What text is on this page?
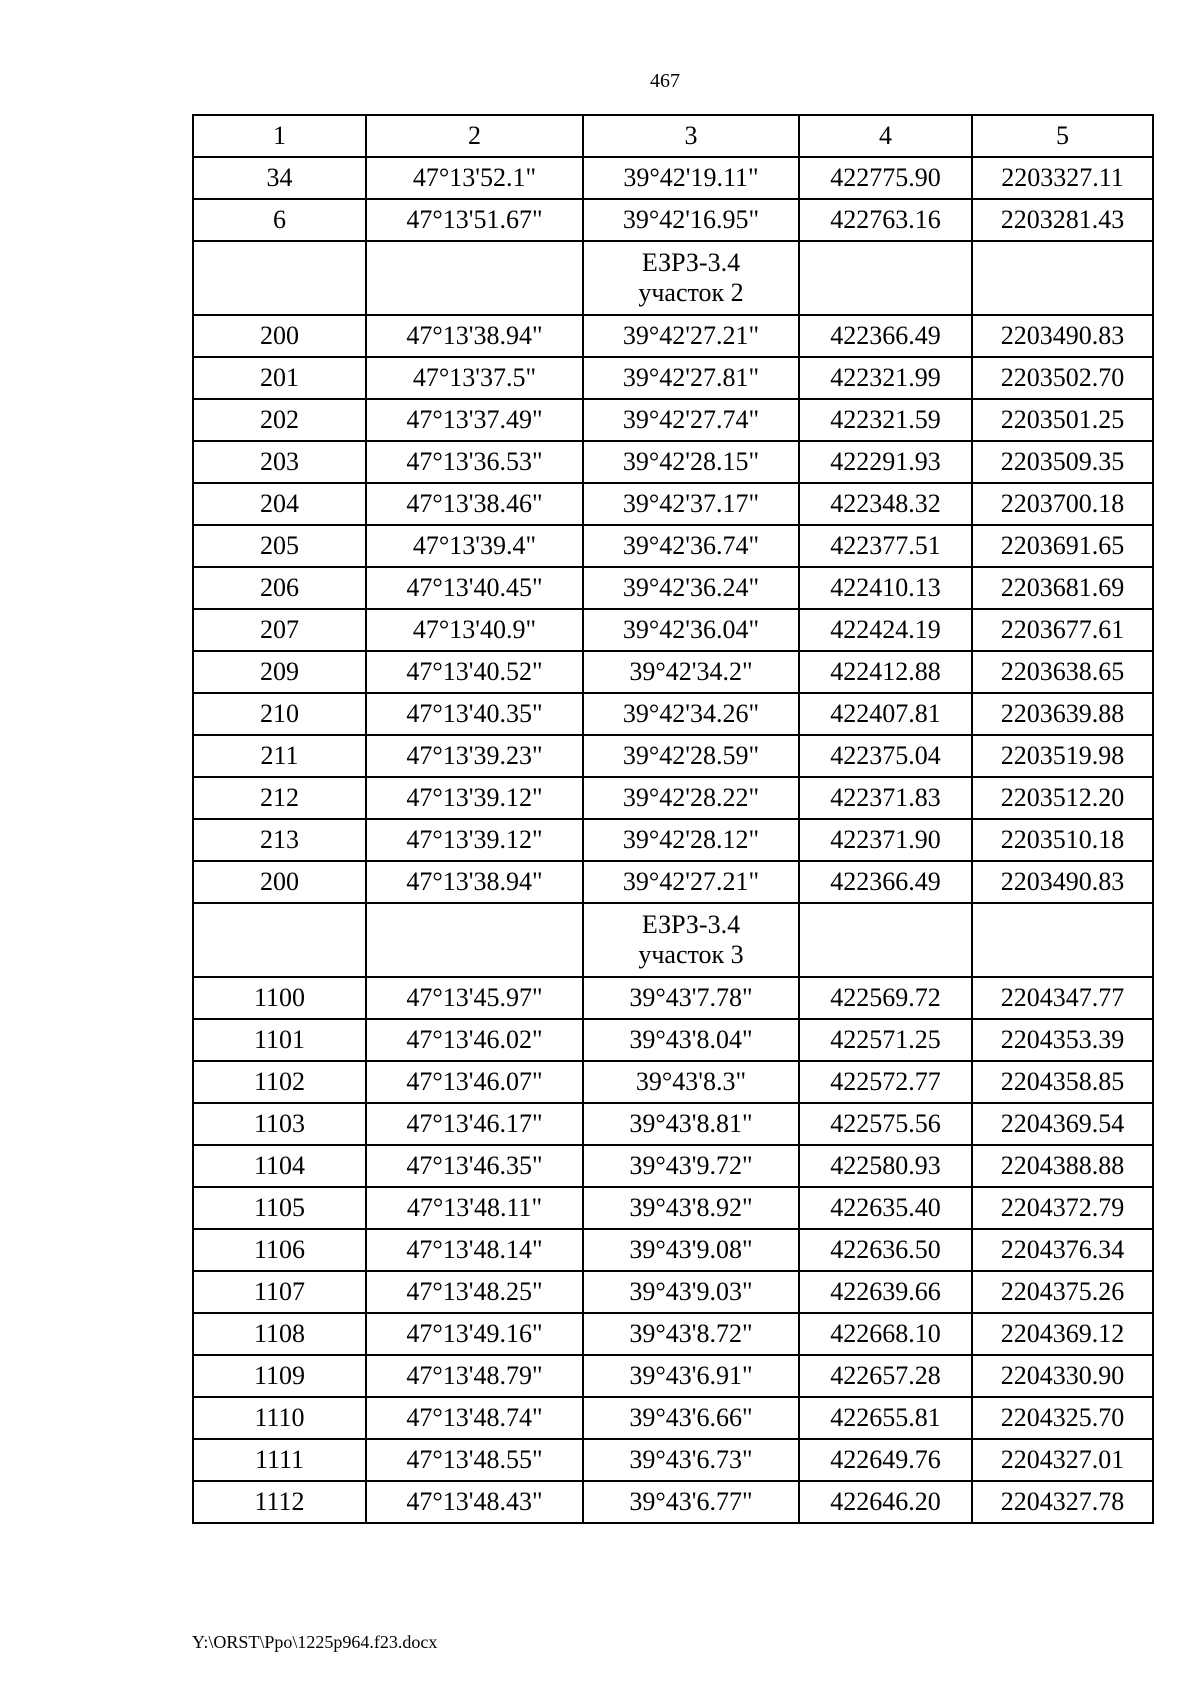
467
1	2	3	4	5
34	47°13'52.1"	39°42'19.11"	422775.90	2203327.11
6	47°13'51.67"	39°42'16.95"	422763.16	2203281.43

		ЕЗРЗ-3.4
участок 2		

200	47°13'38.94"	39°42'27.21"	422366.49	2203490.83
201	47°13'37.5"	39°42'27.81"	422321.99	2203502.70
202	47°13'37.49"	39°42'27.74"	422321.59	2203501.25
203	47°13'36.53"	39°42'28.15"	422291.93	2203509.35
204	47°13'38.46"	39°42'37.17"	422348.32	2203700.18
205	47°13'39.4"	39°42'36.74"	422377.51	2203691.65
206	47°13'40.45"	39°42'36.24"	422410.13	2203681.69
207	47°13'40.9"	39°42'36.04"	422424.19	2203677.61
209	47°13'40.52"	39°42'34.2"	422412.88	2203638.65
210	47°13'40.35"	39°42'34.26"	422407.81	2203639.88
211	47°13'39.23"	39°42'28.59"	422375.04	2203519.98
212	47°13'39.12"	39°42'28.22"	422371.83	2203512.20
213	47°13'39.12"	39°42'28.12"	422371.90	2203510.18
200	47°13'38.94"	39°42'27.21"	422366.49	2203490.83

		ЕЗРЗ-3.4
участок 3		

1100	47°13'45.97"	39°43'7.78"	422569.72	2204347.77
1101	47°13'46.02"	39°43'8.04"	422571.25	2204353.39
1102	47°13'46.07"	39°43'8.3"	422572.77	2204358.85
1103	47°13'46.17"	39°43'8.81"	422575.56	2204369.54
1104	47°13'46.35"	39°43'9.72"	422580.93	2204388.88
1105	47°13'48.11"	39°43'8.92"	422635.40	2204372.79
1106	47°13'48.14"	39°43'9.08"	422636.50	2204376.34
1107	47°13'48.25"	39°43'9.03"	422639.66	2204375.26
1108	47°13'49.16"	39°43'8.72"	422668.10	2204369.12
1109	47°13'48.79"	39°43'6.91"	422657.28	2204330.90
1110	47°13'48.74"	39°43'6.66"	422655.81	2204325.70
1111	47°13'48.55"	39°43'6.73"	422649.76	2204327.01
1112	47°13'48.43"	39°43'6.77"	422646.20	2204327.78
Y:\ORST\Ppo\1225p964.f23.docx
